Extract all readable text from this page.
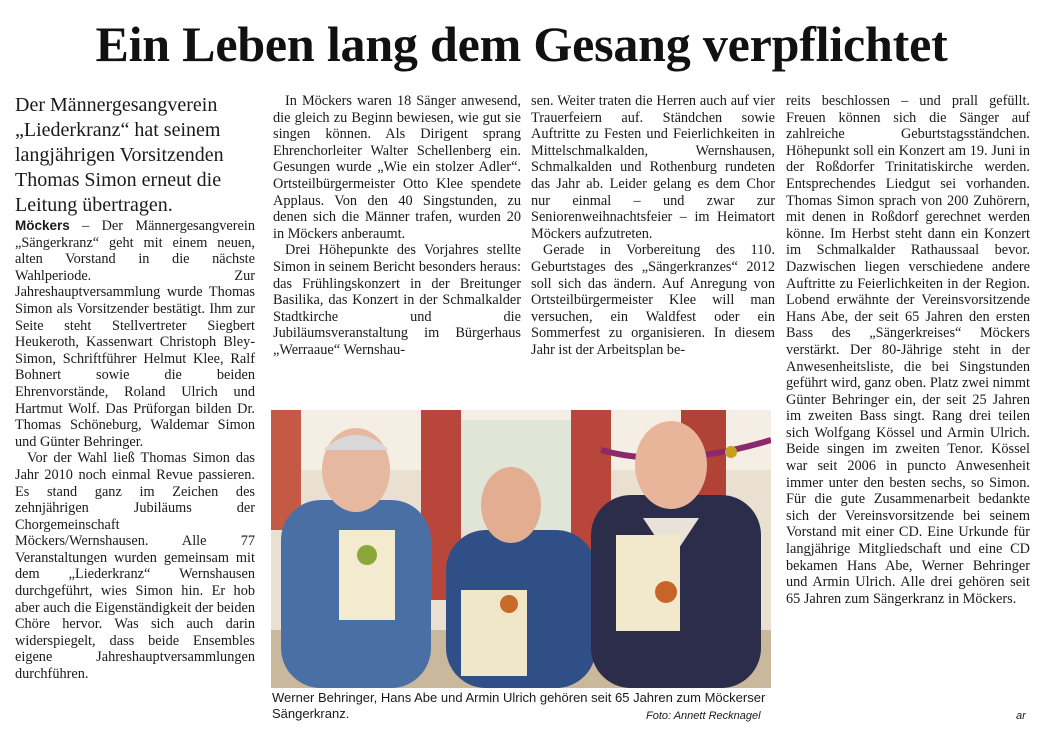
Ein Leben lang dem Gesang verpflichtet

Der Männergesangverein „Liederkranz“ hat seinem langjährigen Vorsitzenden Thomas Simon erneut die Leitung übertragen.

Möckers – Der Männergesangverein „Sängerkranz“ geht mit einem neuen, alten Vorstand in die nächste Wahlperiode. Zur Jahreshauptversammlung wurde Thomas Simon als Vorsitzender bestätigt. Ihm zur Seite steht Stellvertreter Siegbert Heukeroth, Kassenwart Christoph Bley-Simon, Schriftführer Helmut Klee, Ralf Bohnert sowie die beiden Ehrenvorstände, Roland Ulrich und Hartmut Wolf. Das Prüforgan bilden Dr. Thomas Schöneburg, Waldemar Simon und Günter Behringer.

Vor der Wahl ließ Thomas Simon das Jahr 2010 noch einmal Revue passieren. Es stand ganz im Zeichen des zehnjährigen Jubiläums der Chorgemeinschaft Möckers/Wernshausen. Alle 77 Veranstaltungen wurden gemeinsam mit dem „Liederkranz“ Wernshausen durchgeführt, wies Simon hin. Er hob aber auch die Eigenständigkeit der beiden Chöre hervor. Was sich auch darin widerspiegelt, dass beide Ensembles eigene Jahreshauptversammlungen durchführen.

In Möckers waren 18 Sänger anwesend, die gleich zu Beginn bewiesen, wie gut sie singen können. Als Dirigent sprang Ehrenchorleiter Walter Schellenberg ein. Gesungen wurde „Wie ein stolzer Adler“. Ortsteilbürgermeister Otto Klee spendete Applaus. Von den 40 Singstunden, zu denen sich die Männer trafen, wurden 20 in Möckers anberaumt.

Drei Höhepunkte des Vorjahres stellte Simon in seinem Bericht besonders heraus: das Frühlingskonzert in der Breitunger Basilika, das Konzert in der Schmalkalder Stadtkirche und die Jubiläumsveranstaltung im Bürgerhaus „Werraaue“ Wernshau-

sen. Weiter traten die Herren auch auf vier Trauerfeiern auf. Ständchen sowie Auftritte zu Festen und Feierlichkeiten in Mittelschmalkalden, Wernshausen, Schmalkalden und Rothenburg rundeten das Jahr ab. Leider gelang es dem Chor nur einmal – und zwar zur Seniorenweihnachtsfeier – im Heimatort Möckers aufzutreten.

Gerade in Vorbereitung des 110. Geburtstages des „Sängerkranzes“ 2012 soll sich das ändern. Auf Anregung von Ortsteilbürgermeister Klee will man versuchen, ein Waldfest oder ein Sommerfest zu organisieren. In diesem Jahr ist der Arbeitsplan be-

reits beschlossen – und prall gefüllt. Freuen können sich die Sänger auf zahlreiche Geburtstagsständchen. Höhepunkt soll ein Konzert am 19. Juni in der Roßdorfer Trinitatiskirche werden. Entsprechendes Liedgut sei vorhanden. Thomas Simon sprach von 200 Zuhörern, mit denen in Roßdorf gerechnet werden könne. Im Herbst steht dann ein Konzert im Schmalkalder Rathaussaal bevor. Dazwischen liegen verschiedene andere Auftritte zu Feierlichkeiten in der Region. Lobend erwähnte der Vereinsvorsitzende Hans Abe, der seit 65 Jahren den ersten Bass des „Sängerkreises“ Möckers verstärkt. Der 80-Jährige steht in der Anwesenheitsliste, die bei Singstunden geführt wird, ganz oben. Platz zwei nimmt Günter Behringer ein, der seit 25 Jahren im zweiten Bass singt. Rang drei teilen sich Wolfgang Kössel und Armin Ulrich. Beide singen im zweiten Tenor. Kössel war seit 2006 in puncto Anwesenheit immer unter den besten sechs, so Simon. Für die gute Zusammenarbeit bedankte sich der Vereinsvorsitzende bei seinem Vorstand mit einer CD. Eine Urkunde für langjährige Mitgliedschaft und eine CD bekamen Hans Abe, Werner Behringer und Armin Ulrich. Alle drei gehören seit 65 Jahren zum Sängerkranz in Möckers.

Werner Behringer, Hans Abe und Armin Ulrich gehören seit 65 Jahren zum Möckerser Sängerkranz.	Foto: Annett Recknagel	ar
